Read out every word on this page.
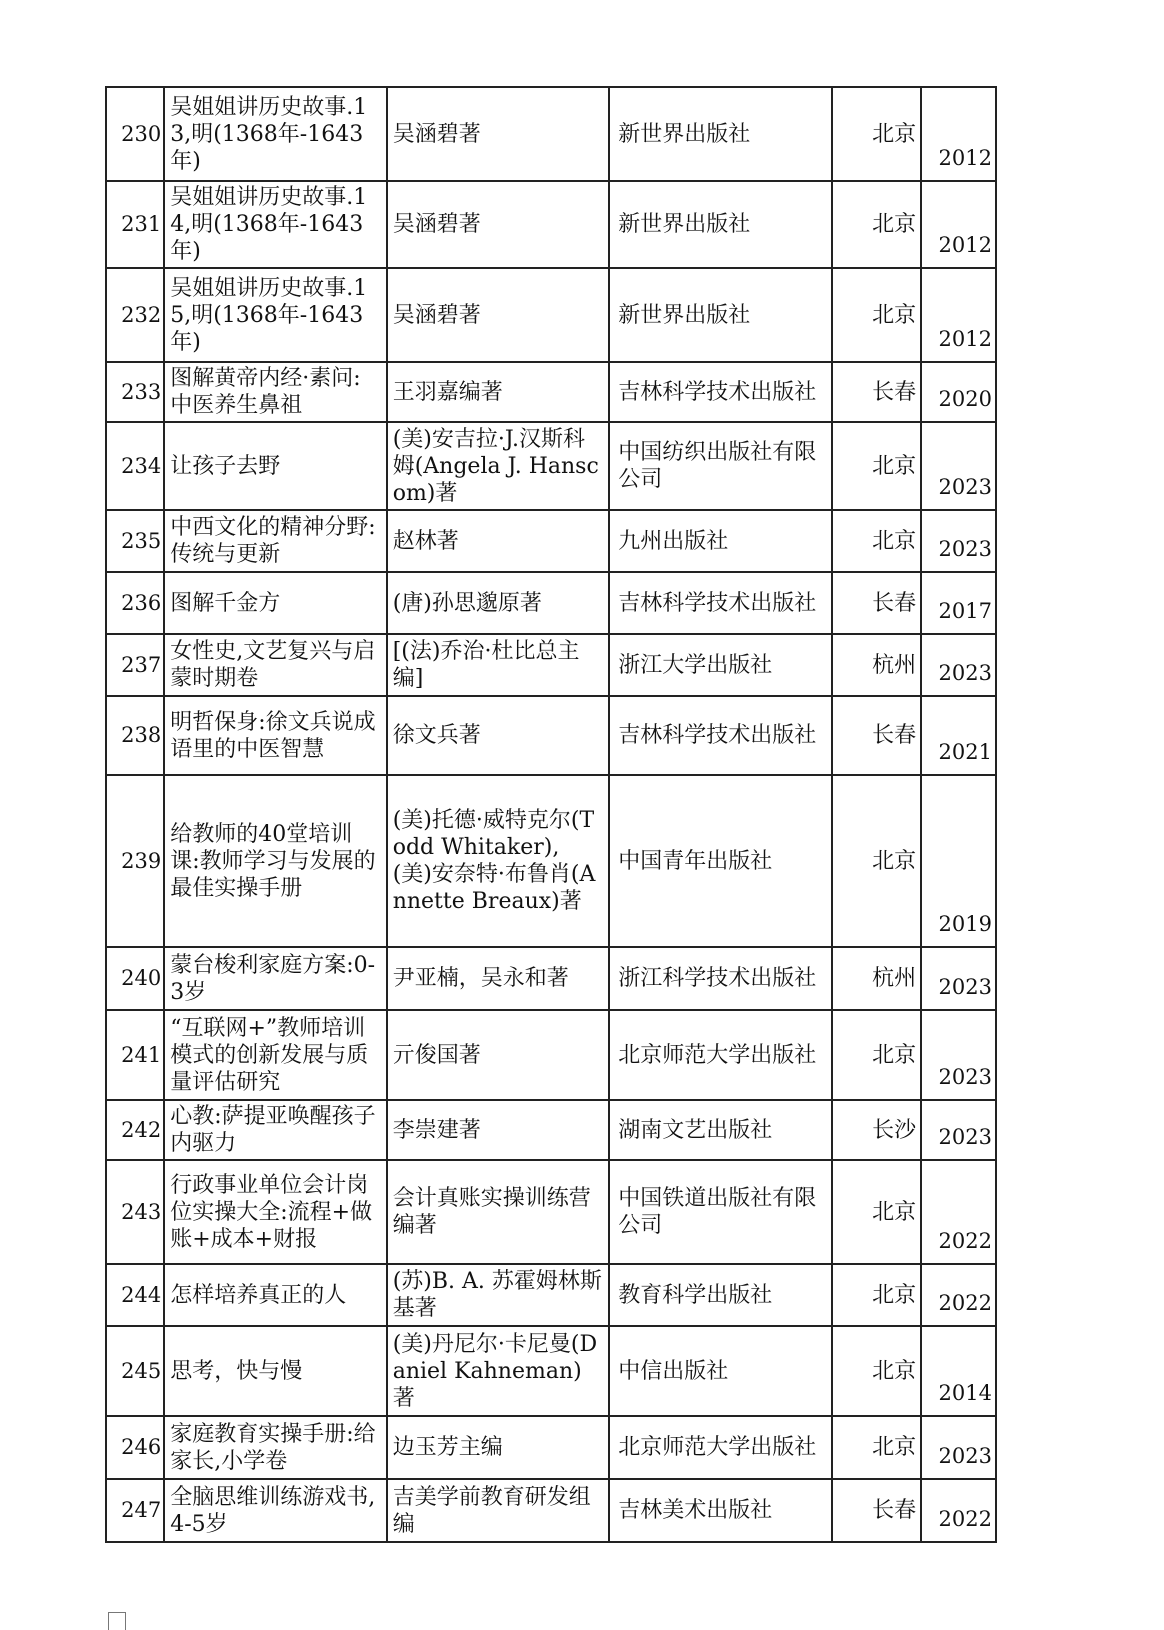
230	吴姐姐讲历史故事.13,明(1368年-1643年)	吴涵碧著	新世界出版社	北京	2012
231	吴姐姐讲历史故事.14,明(1368年-1643年)	吴涵碧著	新世界出版社	北京	2012
232	吴姐姐讲历史故事.15,明(1368年-1643年)	吴涵碧著	新世界出版社	北京	2012
233	图解黄帝内经·素问:中医养生鼻祖	王羽嘉编著	吉林科学技术出版社	长春	2020
234	让孩子去野	(美)安吉拉·J.汉斯科姆(Angela J. Hanscom)著	中国纺织出版社有限公司	北京	2023
235	中西文化的精神分野:传统与更新	赵林著	九州出版社	北京	2023
236	图解千金方	(唐)孙思邈原著	吉林科学技术出版社	长春	2017
237	女性史,文艺复兴与启蒙时期卷	[(法)乔治·杜比总主编]	浙江大学出版社	杭州	2023
238	明哲保身:徐文兵说成语里的中医智慧	徐文兵著	吉林科学技术出版社	长春	2021
239	给教师的40堂培训课:教师学习与发展的最佳实操手册	(美)托德·威特克尔(Todd Whitaker), (美)安奈特·布鲁肖(Annette Breaux)著	中国青年出版社	北京	2019
240	蒙台梭利家庭方案:0-3岁	尹亚楠，吴永和著	浙江科学技术出版社	杭州	2023
241	“互联网+”教师培训模式的创新发展与质量评估研究	亓俊国著	北京师范大学出版社	北京	2023
242	心教:萨提亚唤醒孩子内驱力	李崇建著	湖南文艺出版社	长沙	2023
243	行政事业单位会计岗位实操大全:流程+做账+成本+财报	会计真账实操训练营编著	中国铁道出版社有限公司	北京	2022
244	怎样培养真正的人	(苏)B. A. 苏霍姆林斯基著	教育科学出版社	北京	2022
245	思考，快与慢	(美)丹尼尔·卡尼曼(Daniel Kahneman)著	中信出版社	北京	2014
246	家庭教育实操手册:给家长,小学卷	边玉芳主编	北京师范大学出版社	北京	2023
247	全脑思维训练游戏书,4-5岁	吉美学前教育研发组编	吉林美术出版社	长春	2022
